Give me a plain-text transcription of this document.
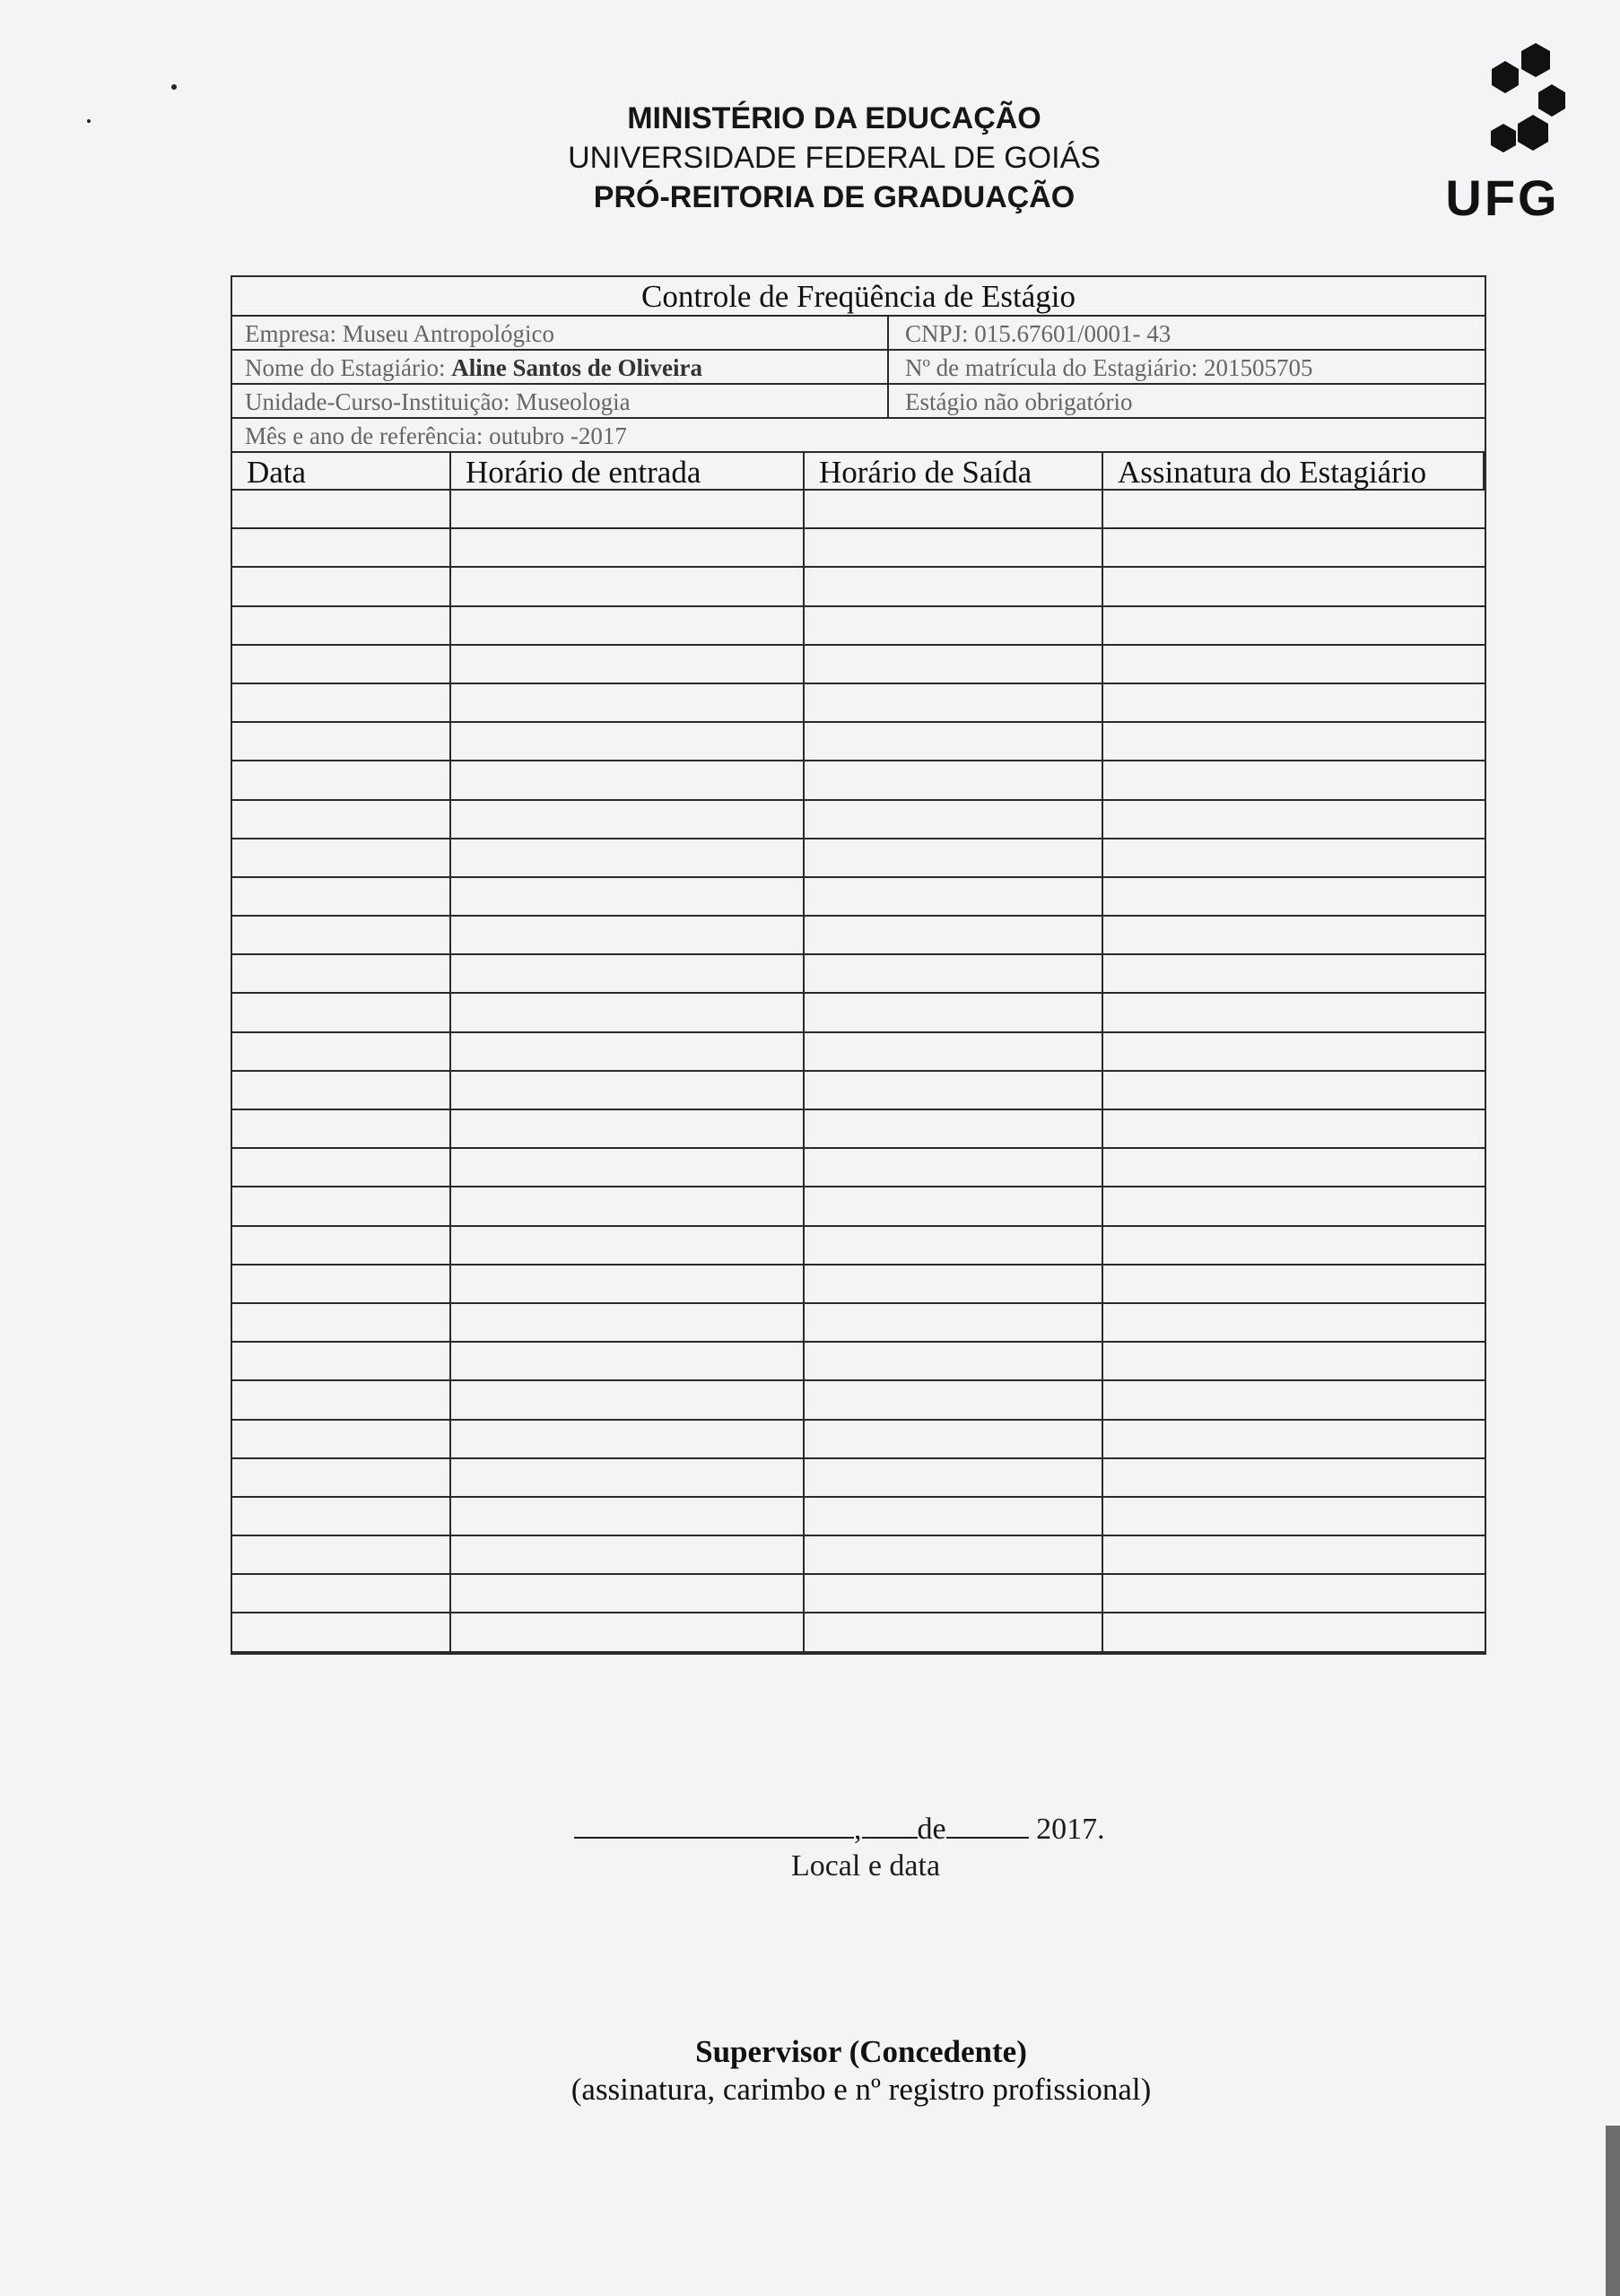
MINISTÉRIO DA EDUCAÇÃO
UNIVERSIDADE FEDERAL DE GOIÁS
PRÓ-REITORIA DE GRADUAÇÃO	UFG
Controle de Freqüência de Estágio
Empresa: Museu Antropológico	CNPJ: 015.67601/0001- 43
Nome do Estagiário: Aline Santos de Oliveira	Nº de matrícula do Estagiário: 201505705
Unidade-Curso-Instituição: Museologia	Estágio não obrigatório
Mês e ano de referência: outubro -2017
Data	Horário de entrada	Horário de Saída	Assinatura do Estagiário
, de	2017.
Local e data
Supervisor (Concedente)
(assinatura, carimbo e nº registro profissional)
